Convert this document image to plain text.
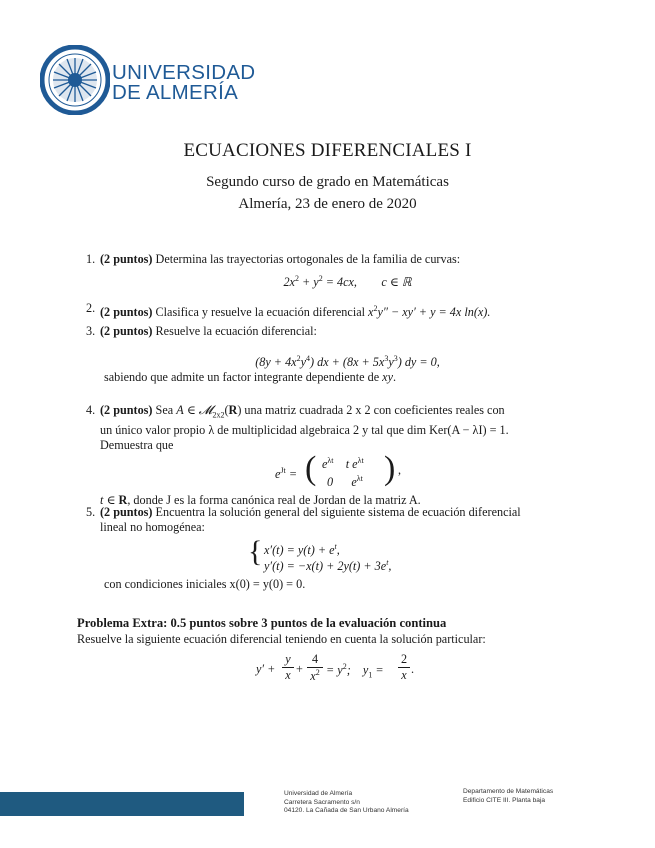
UNIVERSIDAD
DE ALMERÍA
ECUACIONES DIFERENCIALES I
Segundo curso de grado en Matemáticas
Almería, 23 de enero de 2020
1. (2 puntos) Determina las trayectorias ortogonales de la familia de curvas:
$2x^2 + y^2 = 4cx$,        c ∈ ℝ
2. (2 puntos) Clasifica y resuelve la ecuación diferencial $x^2y'' - xy' + y = 4x$ ln(x).
3. (2 puntos) Resuelve la ecuación diferencial:
$(8y + 4x^2y^4)$ dx + $(8x + 5x^3y^3)$ dy = 0,
sabiendo que admite un factor integrante dependiente de xy.
4. (2 puntos) Sea A ∈ 𝓜$_{2x2}$(R) una matriz cuadrada 2 x 2 con coeficientes reales con
un único valor propio λ de multiplicidad algebraica 2 y tal que dim Ker(A − λI) = 1.
Demuestra que
$e^{Jt}$ = ( $e^{\lambda t}$    t $e^{\lambda t}$
0      $e^{\lambda t}$ ) ,
t ∈ R, donde J es la forma canónica real de Jordan de la matriz A.
5. (2 puntos) Encuentra la solución general del siguiente sistema de ecuación diferencial
lineal no homogénea:
{ $x'(t) = y(t) + e^t$,
$y'(t) = -x(t) + 2y(t) + 3e^t$,
con condiciones iniciales x(0) = y(0) = 0.
Problema Extra: 0.5 puntos sobre 3 puntos de la evaluación continua
Resuelve la siguiente ecuación diferencial teniendo en cuenta la solución particular:
y′ +
y

x +
4

$x^2 = y^2$;    $y_1$ =
2

x .
Universidad de Almería
Carretera Sacramento s/n
04120. La Cañada de San Urbano Almería
Departamento de Matemáticas
Edificio CITE III. Planta baja
